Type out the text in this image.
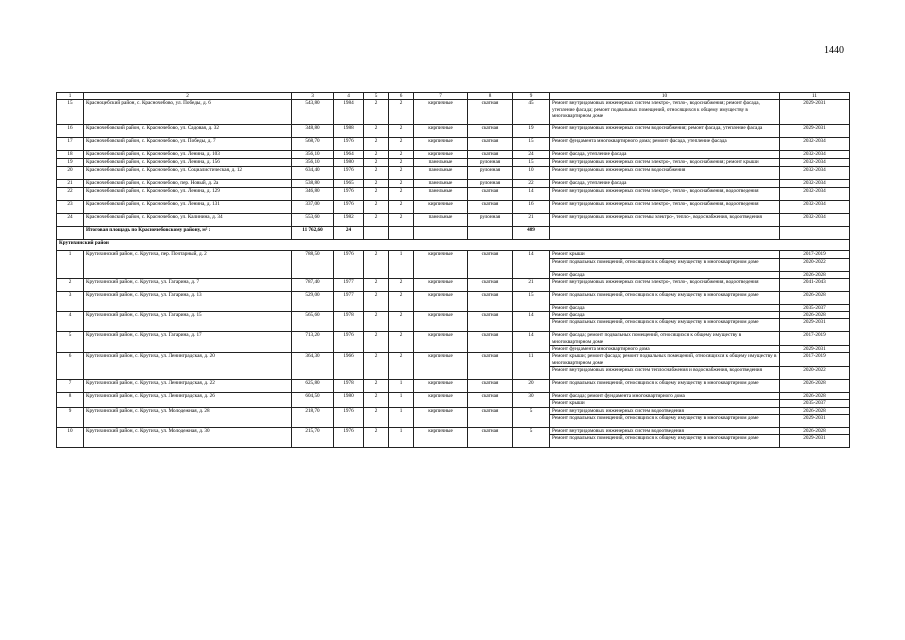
1440
1	2	3	4	5	6	7	8	9	10	11
15	Красноцебский район, с. Красночебово, ул. Победы, д. 6	543,80	1984	2	2	кирпичные	скатная	45	Ремонт внутридомовых инженерных систем электро-, тепло-, водоснабжения; ремонт фасада, утепление фасада; ремонт подвальных помещений, относящихся к общему имуществу в многоквартирном доме	2029-2031
16	Красночебовский район, с. Красночебово, ул. Садовая, д. 32	348,80	1988	2	2	кирпичные	скатная	19	Ремонт внутридомовых инженерных систем водоснабжения; ремонт фасада, утепление фасада	2029-2031
17	Красночебовский район, с. Красночебово, ул. Победы, д. 7	568,70	1976	2	2	кирпичные	скатная	15	Ремонт фундамента многоквартирного дома; ремонт фасада, утепление фасада	2032-2034
18	Красночебовский район, с. Красночебово, ул. Ленина, д. 103	356,10	1964	2	2	кирпичные	скатная	24	Ремонт фасада, утепление фасада	2032-2034
19	Красночебовский район, с. Красночебово, ул. Ленина, д. 156	356,10	1980	2	2	панельные	рулонная	15	Ремонт внутридомовых инженерных систем электро-, тепло-, водоснабжения; ремонт крыши	2032-2034
20	Красночебовский район, с. Красночебово, ул. Социалистическая, д. 12	634,40	1976	2	2	панельные	рулонная	10	Ремонт внутридомовых инженерных систем водоснабжения	2032-2034
21	Красночебовский район, с. Красночебово, пер. Новый, д. 2а	538,80	1965	2	2	панельные	рулонная	22	Ремонт фасада, утепление фасада	2032-2034
22	Красночебовский район, с. Красночебово, ул. Ленина, д. 129	346,80	1976	2	2	панельные	скатная	14	Ремонт внутридомовых инженерных систем электро-, тепло-, водоснабжения, водоотведения	2032-2034
23	Красночебовский район, с. Красночебово, ул. Ленина, д. 131	337,00	1976	2	2	кирпичные	скатная	16	Ремонт внутридомовых инженерных систем электро-, тепло-, водоснабжения, водоотведения	2032-2034
24	Красночебовский район, с. Красночебово, ул. Калинина, д. 34	553,60	1982	2	2	панельные	рулонная	21	Ремонт внутридомовых инженерных системы электро-, тепло-, водоснабжения, водоотведения	2032-2034
	Итоговая площадь по Красночебовскому району, м² :	11 762,60	24					489		
Крутихинский район										
1	Крутихинский район, с. Крутиха, пер. Почтарный, д. 2	788,50	1976	2	1	кирпичные	скатная	14	Ремонт крыши	2017-2019
									Ремонт подвальных помещений, относящихся к общему имуществу в многоквартирном доме	2020-2022
									Ремонт фасада	2026-2028
2	Крутихинский район, с. Крутиха, ул. Гагарина, д. 7	787,40	1977	2	2	кирпичные	скатная	21	Ремонт внутридомовых инженерных систем электро-, тепло-, водоснабжения, водоотведения	2041-2043
3	Крутихинский район, с. Крутиха, ул. Гагарина, д. 13	529,00	1977	2	2	кирпичные	скатная	15	Ремонт подвальных помещений, относящихся к общему имуществу в многоквартирном доме	2026-2028
									Ремонт фасада	2035-2037
4	Крутихинский район, с. Крутиха, ул. Гагарина, д. 15	565,60	1978	2	2	кирпичные	скатная	14	Ремонт фасада	2026-2028
									Ремонт подвальных помещений, относящихся к общему имуществу в многоквартирном доме	2029-2031
5	Крутихинский район, с. Крутиха, ул. Гагарина, д. 17	713,20	1976	2	2	кирпичные	скатная	14	Ремонт фасада; ремонт подвальных помещений, относящихся к общему имуществу в многоквартирном доме	2017-2019
									Ремонт фундамента многоквартирного дома	2029-2031
6	Крутихинский район, с. Крутиха, ул. Ленинградская, д. 20	364,30	1966	2	2	кирпичные	скатная	11	Ремонт крыши; ремонт фасада; ремонт подвальных помещений, относящихся к общему имуществу в многоквартирном доме	2017-2019
									Ремонт внутридомовых инженерных систем теплоснабжения и водоснабжения, водоотведения	2020-2022
7	Крутихинский район, с. Крутиха, ул. Ленинградская, д. 22	625,80	1978	2	1	кирпичные	скатная	20	Ремонт подвальных помещений, относящихся к общему имуществу в многоквартирном доме	2026-2028
8	Крутихинский район, с. Крутиха, ул. Ленинградская, д. 26	604,50	1980	2	1	кирпичные	скатная	30	Ремонт фасада; ремонт фундамента многоквартирного дома	2026-2028
									Ремонт крыши	2035-2037
9	Крутихинский район, с. Крутиха, ул. Молодежная, д. 28	218,70	1976	2	1	кирпичные	скатная	5	Ремонт внутридомовых инженерных систем водоотведения	2026-2028
									Ремонт подвальных помещений, относящихся к общему имуществу в многоквартирном доме	2029-2031
10	Крутихинский район, с. Крутиха, ул. Молодежная, д. 30	215,70	1976	2	1	кирпичные	скатная	5	Ремонт внутридомовых инженерных систем водоотведения	2026-2028
									Ремонт подвальных помещений, относящихся к общему имуществу в многоквартирном доме	2029-2031
